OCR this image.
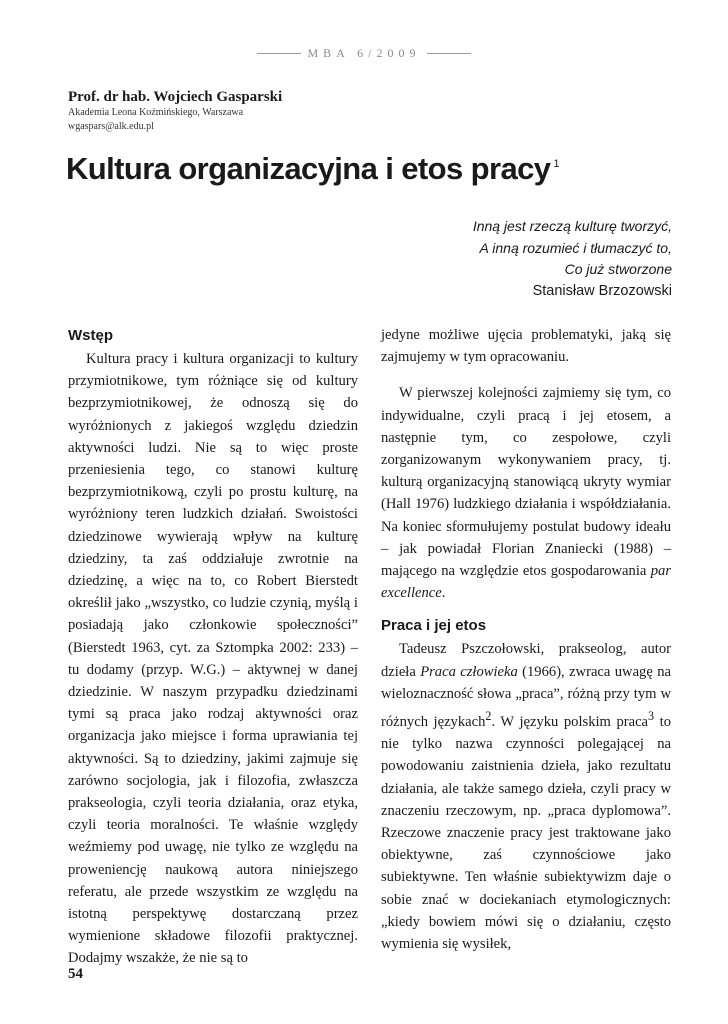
MBA 6/2009
Prof. dr hab. Wojciech Gasparski
Akademia Leona Koźmińskiego, Warszawa
wgaspars@alk.edu.pl
Kultura organizacyjna i etos pracy $^1$
Inną jest rzeczą kulturę tworzyć,
A inną rozumieć i tłumaczyć to,
Co już stworzone
Stanisław Brzozowski
Wstęp

Kultura pracy i kultura organizacji to kultury przymiotnikowe, tym różniące się od kultury bezprzymiotnikowej, że odnoszą się do wyróżnionych z jakiegoś względu dziedzin aktywności ludzi. Nie są to więc proste przeniesienia tego, co stanowi kulturę bezprzymiotnikową, czyli po prostu kulturę, na wyróżniony teren ludzkich działań. Swoistości dziedzinowe wywierają wpływ na kulturę dziedziny, ta zaś oddziałuje zwrotnie na dziedzinę, a więc na to, co Robert Bierstedt określił jako „wszystko, co ludzie czynią, myślą i posiadają jako członkowie społeczności” (Bierstedt 1963, cyt. za Sztompka 2002: 233) – tu dodamy (przyp. W.G.) – aktywnej w danej dziedzinie. W naszym przypadku dziedzinami tymi są praca jako rodzaj aktywności oraz organizacja jako miejsce i forma uprawiania tej aktywności. Są to dziedziny, jakimi zajmuje się zarówno socjologia, jak i filozofia, zwłaszcza prakseologia, czyli teoria działania, oraz etyka, czyli teoria moralności. Te właśnie względy weźmiemy pod uwagę, nie tylko ze względu na proweniencję naukową autora niniejszego referatu, ale przede wszystkim ze względu na istotną perspektywę dostarczaną przez wymienione składowe filozofii praktycznej. Dodajmy wszakże, że nie są to

jedyne możliwe ujęcia problematyki, jaką się zajmujemy w tym opracowaniu.

W pierwszej kolejności zajmiemy się tym, co indywidualne, czyli pracą i jej etosem, a następnie tym, co zespołowe, czyli zorganizowanym wykonywaniem pracy, tj. kulturą organizacyjną stanowiącą ukryty wymiar (Hall 1976) ludzkiego działania i współdziałania. Na koniec sformułujemy postulat budowy ideału – jak powiadał Florian Znaniecki (1988) – mającego na względzie etos gospodarowania par excellence.

Praca i jej etos

Tadeusz Pszczołowski, prakseolog, autor dzieła Praca człowieka (1966), zwraca uwagę na wieloznaczność słowa „praca”, różną przy tym w różnych językach$^2$. W języku polskim praca$^3$ to nie tylko nazwa czynności polegającej na powodowaniu zaistnienia dzieła, jako rezultatu działania, ale także samego dzieła, czyli pracy w znaczeniu rzeczowym, np. „praca dyplomowa”. Rzeczowe znaczenie pracy jest traktowane jako obiektywne, zaś czynnościowe jako subiektywne. Ten właśnie subiektywizm daje o sobie znać w dociekaniach etymologicznych: „kiedy bowiem mówi się o działaniu, często wymienia się wysiłek,

54
